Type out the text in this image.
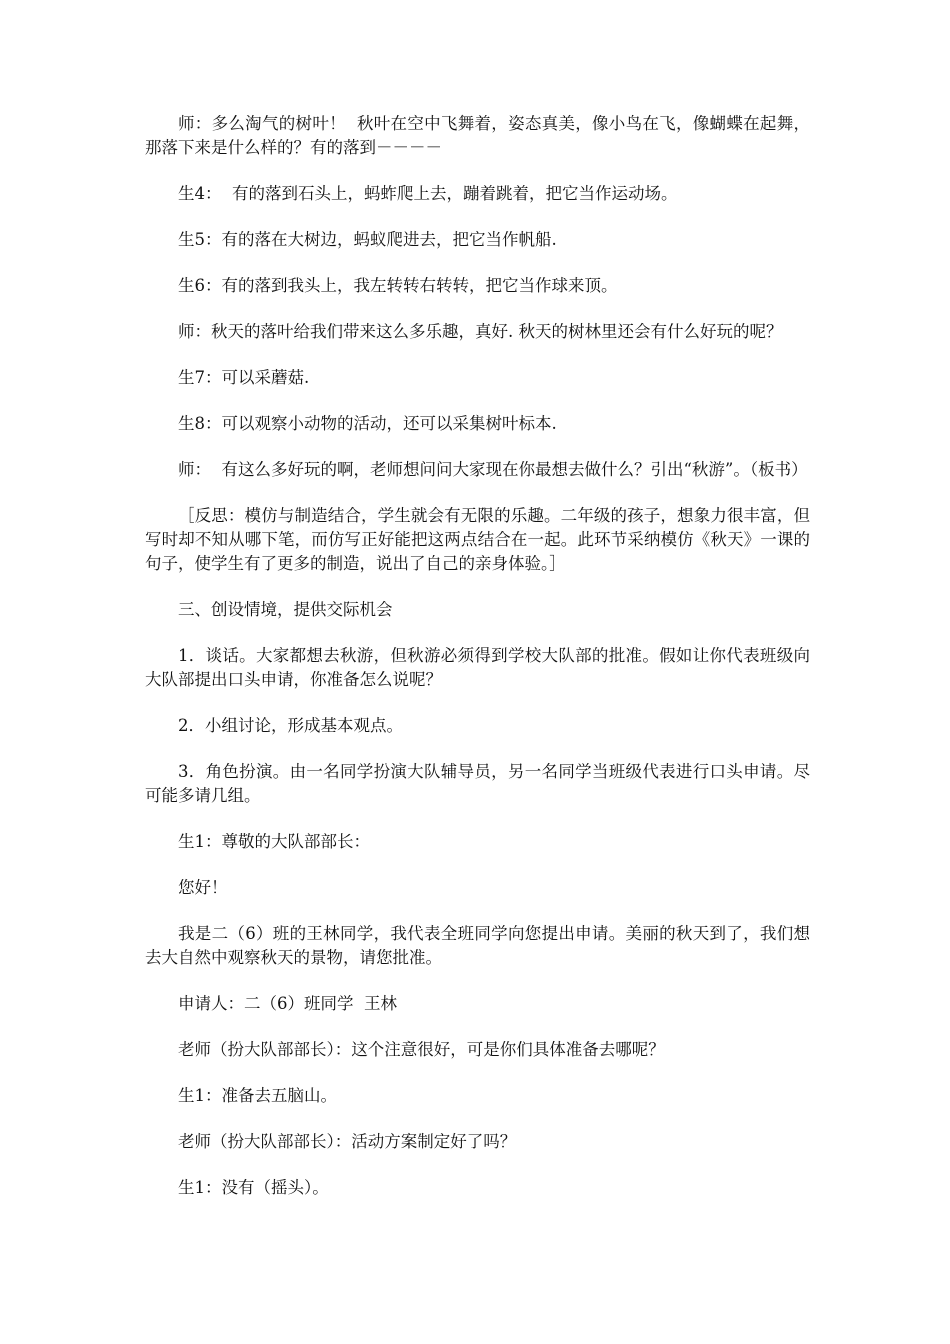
师：多么淘气的树叶！  秋叶在空中飞舞着，姿态真美，像小鸟在飞，像蝴蝶在起舞，那落下来是什么样的？有的落到－－－－

生4：  有的落到石头上，蚂蚱爬上去，蹦着跳着，把它当作运动场。

生5：有的落在大树边，蚂蚁爬进去，把它当作帆船.

生6：有的落到我头上，我左转转右转转，把它当作球来顶。

师：秋天的落叶给我们带来这么多乐趣，真好. 秋天的树林里还会有什么好玩的呢？

生7：可以采蘑菇.

生8：可以观察小动物的活动，还可以采集树叶标本.

师：  有这么多好玩的啊，老师想问问大家现在你最想去做什么？引出“秋游”。（板书）

［反思：模仿与制造结合，学生就会有无限的乐趣。二年级的孩子，想象力很丰富，但写时却不知从哪下笔，而仿写正好能把这两点结合在一起。此环节采纳模仿《秋天》一课的句子，使学生有了更多的制造，说出了自己的亲身体验。］

三、创设情境，提供交际机会

1．谈话。大家都想去秋游，但秋游必须得到学校大队部的批准。假如让你代表班级向大队部提出口头申请，你准备怎么说呢？

2．小组讨论，形成基本观点。

3．角色扮演。由一名同学扮演大队辅导员，另一名同学当班级代表进行口头申请。尽可能多请几组。

生1：尊敬的大队部部长：

您好！

我是二（6）班的王林同学，我代表全班同学向您提出申请。美丽的秋天到了，我们想去大自然中观察秋天的景物，请您批准。

申请人：二（6）班同学  王林

老师（扮大队部部长）：这个注意很好，可是你们具体准备去哪呢？

生1：准备去五脑山。

老师（扮大队部部长）：活动方案制定好了吗？

生1：没有（摇头）。
